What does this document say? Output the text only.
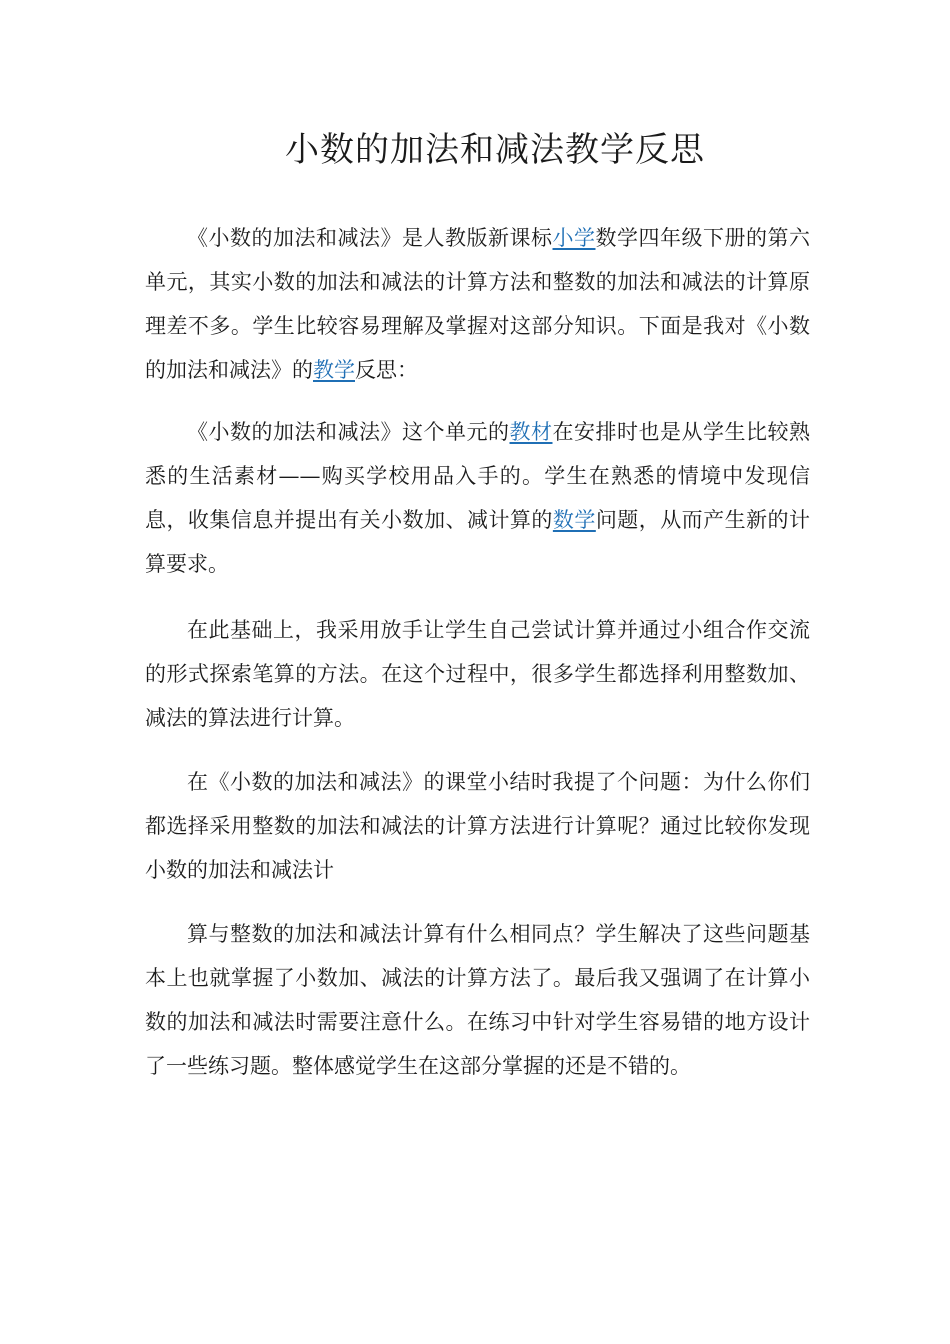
小数的加法和减法教学反思

《小数的加法和减法》是人教版新课标小学数学四年级下册的第六单元，其实小数的加法和减法的计算方法和整数的加法和减法的计算原理差不多。学生比较容易理解及掌握对这部分知识。下面是我对《小数的加法和减法》的教学反思：

《小数的加法和减法》这个单元的教材在安排时也是从学生比较熟悉的生活素材——购买学校用品入手的。学生在熟悉的情境中发现信息，收集信息并提出有关小数加、减计算的数学问题，从而产生新的计算要求。

在此基础上，我采用放手让学生自己尝试计算并通过小组合作交流的形式探索笔算的方法。在这个过程中，很多学生都选择利用整数加、减法的算法进行计算。

在《小数的加法和减法》的课堂小结时我提了个问题：为什么你们都选择采用整数的加法和减法的计算方法进行计算呢？通过比较你发现小数的加法和减法计

算与整数的加法和减法计算有什么相同点？学生解决了这些问题基本上也就掌握了小数加、减法的计算方法了。最后我又强调了在计算小数的加法和减法时需要注意什么。在练习中针对学生容易错的地方设计了一些练习题。整体感觉学生在这部分掌握的还是不错的。
